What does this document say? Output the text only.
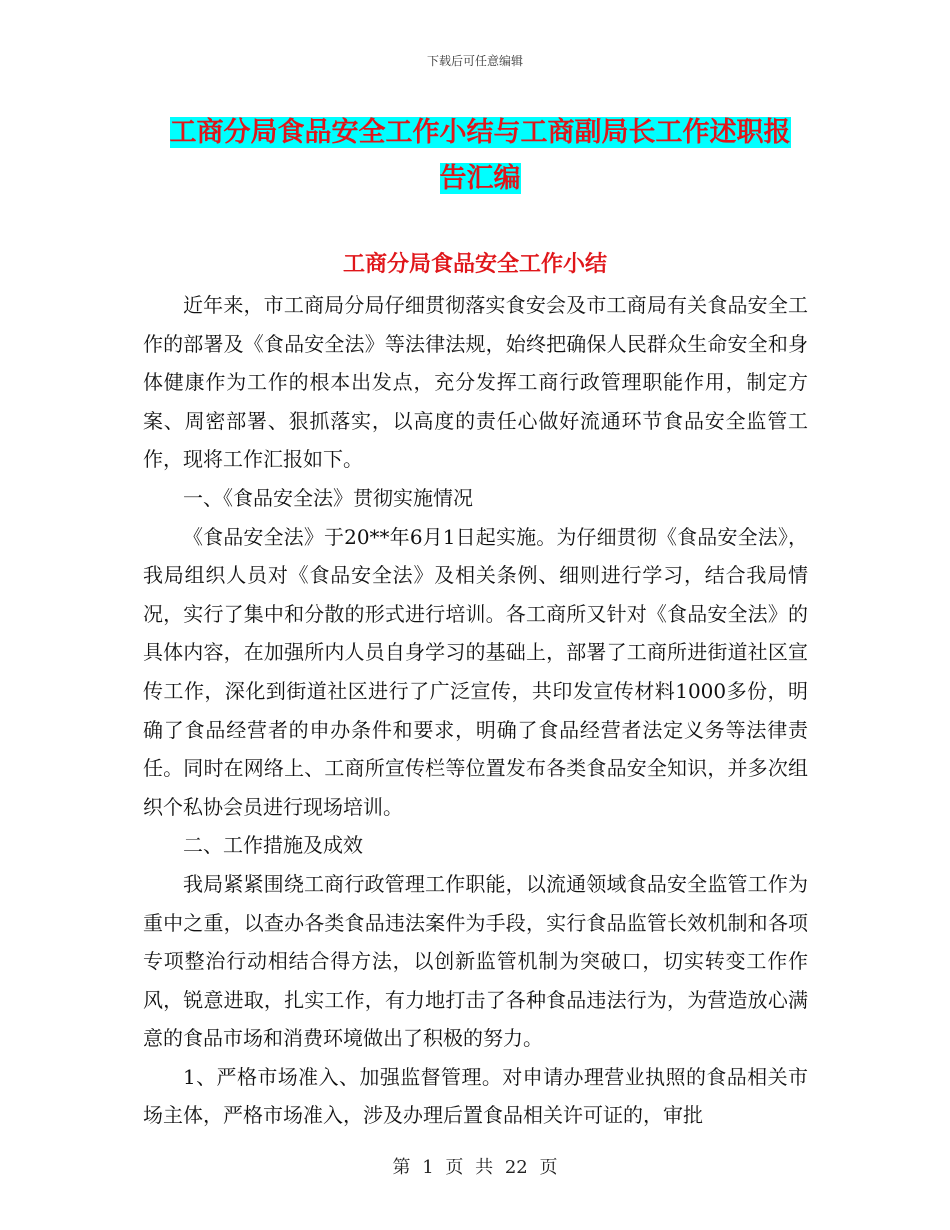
下载后可任意编辑
工商分局食品安全工作小结与工商副局长工作述职报
告汇编
工商分局食品安全工作小结

近年来，市工商局分局仔细贯彻落实食安会及市工商局有关食品安全工作的部署及《食品安全法》等法律法规，始终把确保人民群众生命安全和身体健康作为工作的根本出发点，充分发挥工商行政管理职能作用，制定方案、周密部署、狠抓落实，以高度的责任心做好流通环节食品安全监管工作，现将工作汇报如下。

一、《食品安全法》贯彻实施情况

《食品安全法》于20**年6月1日起实施。为仔细贯彻《食品安全法》，我局组织人员对《食品安全法》及相关条例、细则进行学习，结合我局情况，实行了集中和分散的形式进行培训。各工商所又针对《食品安全法》的具体内容，在加强所内人员自身学习的基础上，部署了工商所进街道社区宣传工作，深化到街道社区进行了广泛宣传，共印发宣传材料1000多份，明确了食品经营者的申办条件和要求，明确了食品经营者法定义务等法律责任。同时在网络上、工商所宣传栏等位置发布各类食品安全知识，并多次组织个私协会员进行现场培训。

二、工作措施及成效

我局紧紧围绕工商行政管理工作职能，以流通领域食品安全监管工作为重中之重，以查办各类食品违法案件为手段，实行食品监管长效机制和各项专项整治行动相结合得方法，以创新监管机制为突破口，切实转变工作作风，锐意进取，扎实工作，有力地打击了各种食品违法行为，为营造放心满意的食品市场和消费环境做出了积极的努力。

1、严格市场准入、加强监督管理。对申请办理营业执照的食品相关市场主体，严格市场准入，涉及办理后置食品相关许可证的，审批

第 1 页 共 22 页
